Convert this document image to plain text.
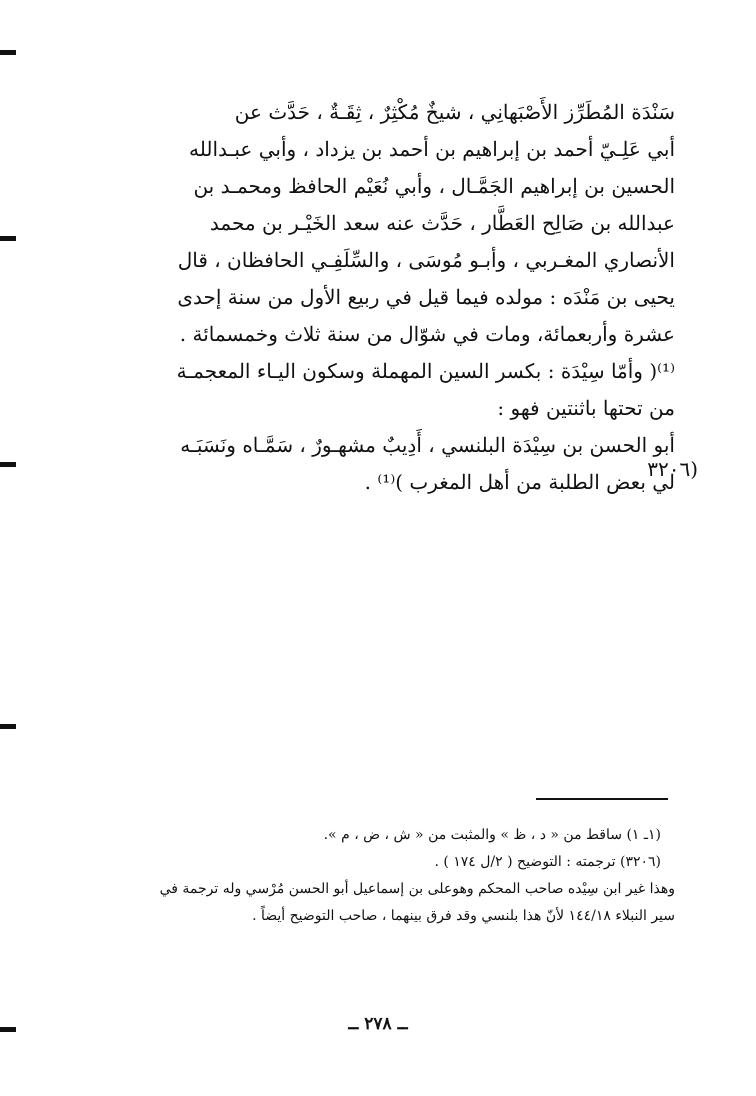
سَنْدَة المُطَرِّز الأَصْبَهانِي ، شيخٌ مُكْثِرٌ ، ثِقَـةٌ ، حَدَّث عن
أبي عَلِـيّ أحمد بن إبراهيم بن أحمد بن يزداد ، وأبي عبـدالله
الحسين بن إبراهيم الجَمَّـال ، وأبي نُعَيْم الحافظ ومحمـد بن
عبدالله بن صَالِح العَطَّار ، حَدَّث عنه سعد الخَيْـر بن محمد
الأنصاري المغـربي ، وأبـو مُوسَى ، والسِّلَفِـي الحافظان ، قال
يحيى بن مَنْدَه : مولده فيما قيل في ربيع الأول من سنة إحدى
عشرة وأربعمائة، ومات في شوّال من سنة ثلاث وخمسمائة .
⁽¹⁾( وأمّا سِيْدَة : بكسر السين المهملة وسكون اليـاء المعجمـة
من تحتها باثنتين فهو :
أبو الحسن بن سِيْدَة البلنسي ، أَدِيبٌ مشهـورٌ ، سَمَّـاه ونَسَبَـه
لي بعض الطلبة من أهل المغرب )⁽¹⁾ .
(٣٢٠٦
(١ـ ١) ساقط من « د ، ظ » والمثبت من « ش ، ض ، م ».
(٣٢٠٦) ترجمته : التوضيح ( ٢/ل ١٧٤ ) .
وهذا غير ابن سِيْده صاحب المحكم وهوعلى بن إسماعيل أبو الحسن مُرْسي وله ترجمة في
سير النبلاء ١٤٤/١٨ لأنّ هذا بلنسي وقد فرق بينهما ، صاحب التوضيح أيضاً .
ــ ٢٧٨ ــ
